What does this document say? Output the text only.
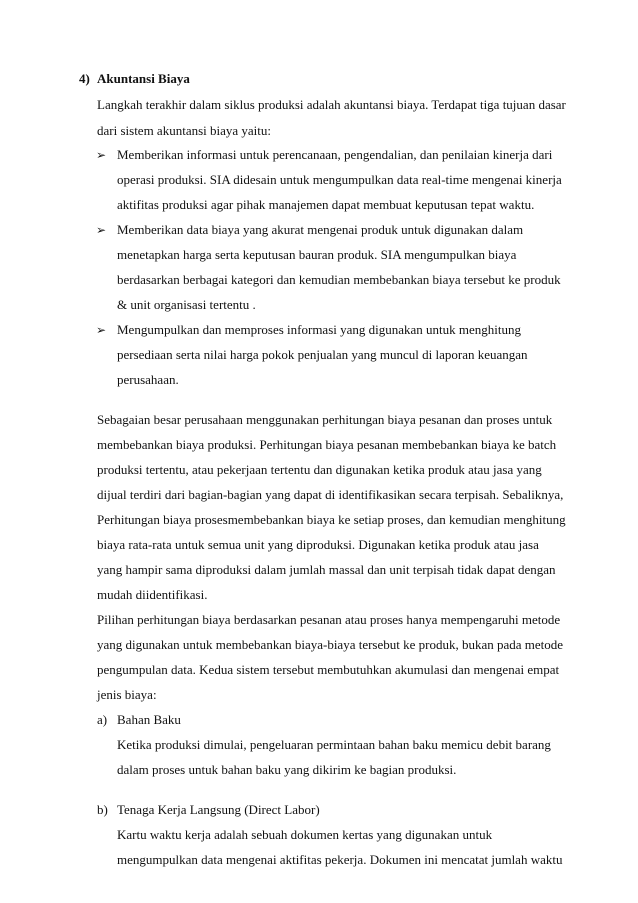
4) Akuntansi Biaya
Langkah terakhir dalam siklus produksi adalah akuntansi biaya. Terdapat tiga tujuan dasar
dari sistem akuntansi biaya yaitu:
➢ Memberikan informasi untuk perencanaan, pengendalian, dan penilaian kinerja dari
operasi produksi. SIA didesain untuk mengumpulkan data real-time mengenai kinerja
aktifitas produksi agar pihak manajemen dapat membuat keputusan tepat waktu.
➢ Memberikan data biaya yang akurat mengenai produk untuk digunakan dalam
menetapkan harga serta keputusan bauran produk. SIA mengumpulkan biaya
berdasarkan berbagai kategori dan kemudian membebankan biaya tersebut ke produk
& unit organisasi tertentu .
➢ Mengumpulkan dan memproses informasi yang digunakan untuk menghitung
persediaan serta nilai harga pokok penjualan yang muncul di laporan keuangan
perusahaan.
Sebagaian besar perusahaan menggunakan perhitungan biaya pesanan dan proses untuk
membebankan biaya produksi. Perhitungan biaya pesanan membebankan biaya ke batch
produksi tertentu, atau pekerjaan tertentu dan digunakan ketika produk atau jasa yang
dijual terdiri dari bagian-bagian yang dapat di identifikasikan secara terpisah. Sebaliknya,
Perhitungan biaya prosesmembebankan biaya ke setiap proses, dan kemudian menghitung
biaya rata-rata untuk semua unit yang diproduksi. Digunakan ketika produk atau jasa
yang hampir sama diproduksi dalam jumlah massal dan unit terpisah tidak dapat dengan
mudah diidentifikasi.
Pilihan perhitungan biaya berdasarkan pesanan atau proses hanya mempengaruhi metode
yang digunakan untuk membebankan biaya-biaya tersebut ke produk, bukan pada metode
pengumpulan data. Kedua sistem tersebut membutuhkan akumulasi dan mengenai empat
jenis biaya:
a) Bahan Baku
Ketika produksi dimulai, pengeluaran permintaan bahan baku memicu debit barang
dalam proses untuk bahan baku yang dikirim ke bagian produksi.
b) Tenaga Kerja Langsung (Direct Labor)
Kartu waktu kerja adalah sebuah dokumen kertas yang digunakan untuk
mengumpulkan data mengenai aktifitas pekerja. Dokumen ini mencatat jumlah waktu
